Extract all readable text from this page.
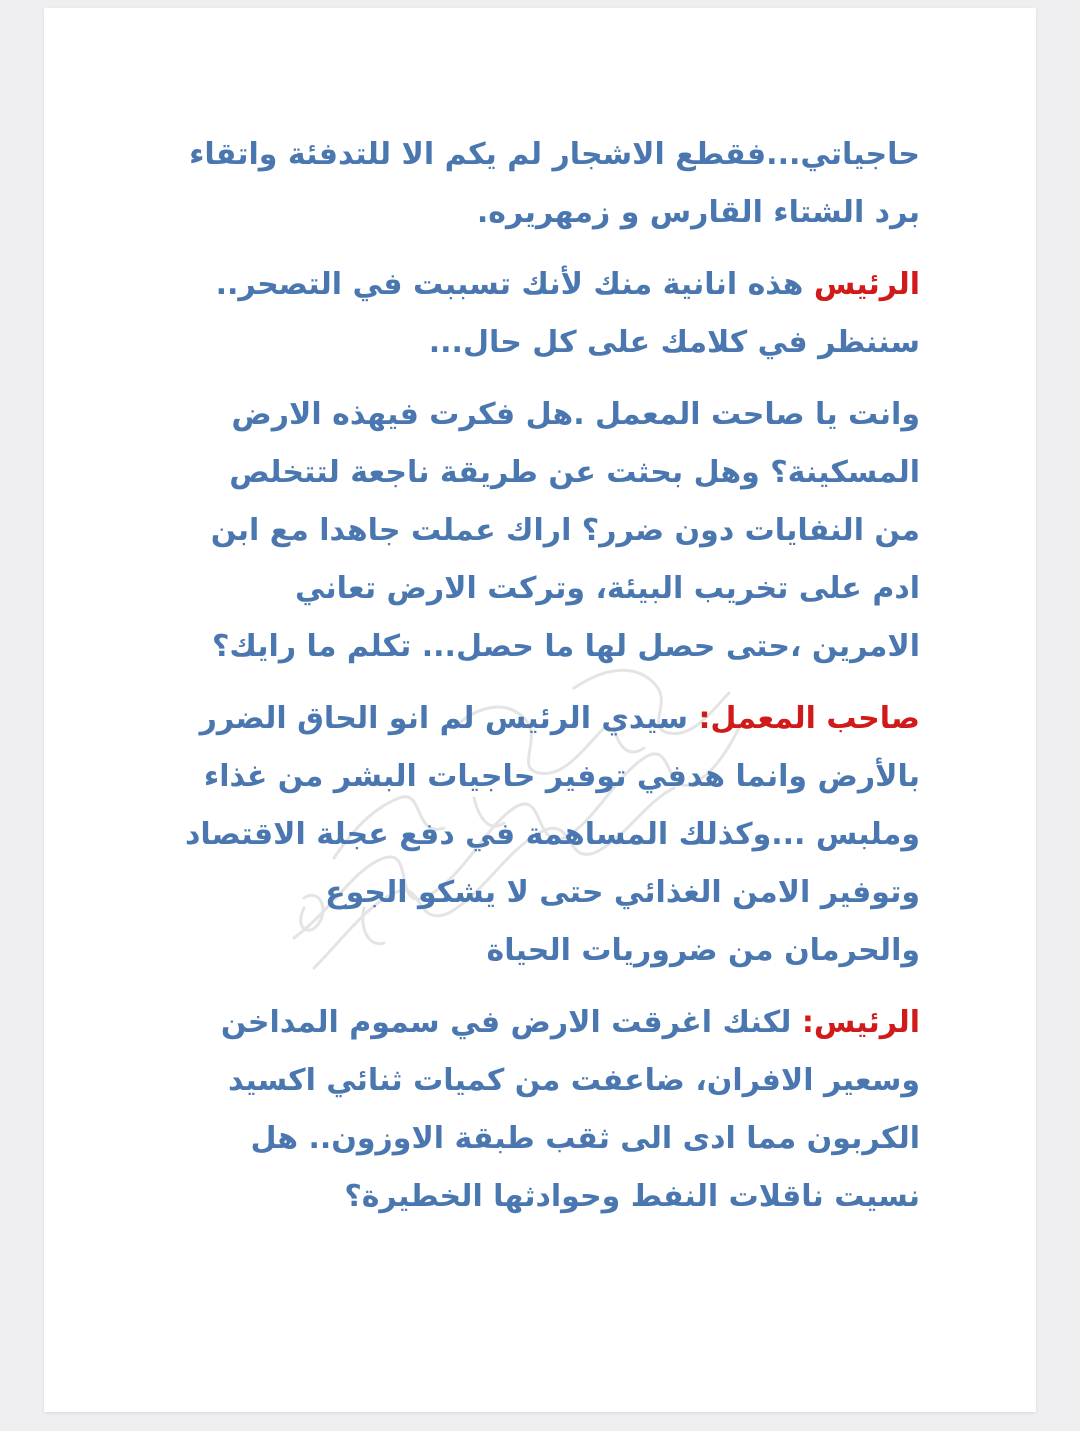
حاجياتي...فقطع الاشجار لم يكم الا للتدفئة واتقاء برد الشتاء القارس و زمهريره.

الرئيس هذه انانية منك لأنك تسببت في التصحر.. سننظر في كلامك على كل حال...

وانت يا صاحت المعمل .هل فكرت فيهذه الارض المسكينة؟ وهل بحثت عن طريقة ناجعة لتتخلص من النفايات دون ضرر؟ اراك عملت جاهدا مع ابن ادم على تخريب البيئة، وتركت الارض تعاني الامرين ،حتى حصل لها ما حصل... تكلم ما رايك؟

صاحب المعمل: سيدي الرئيس لم انو الحاق الضرر بالأرض وانما هدفي توفير حاجيات البشر من غذاء وملبس ...وكذلك المساهمة في دفع عجلة الاقتصاد وتوفير الامن الغذائي حتى لا يشكو الجوع والحرمان من ضروريات الحياة

الرئيس: لكنك اغرقت الارض في سموم المداخن وسعير الافران، ضاعفت من كميات ثنائي اكسيد الكربون مما ادى الى ثقب طبقة الاوزون.. هل نسيت ناقلات النفط وحوادثها الخطيرة؟
